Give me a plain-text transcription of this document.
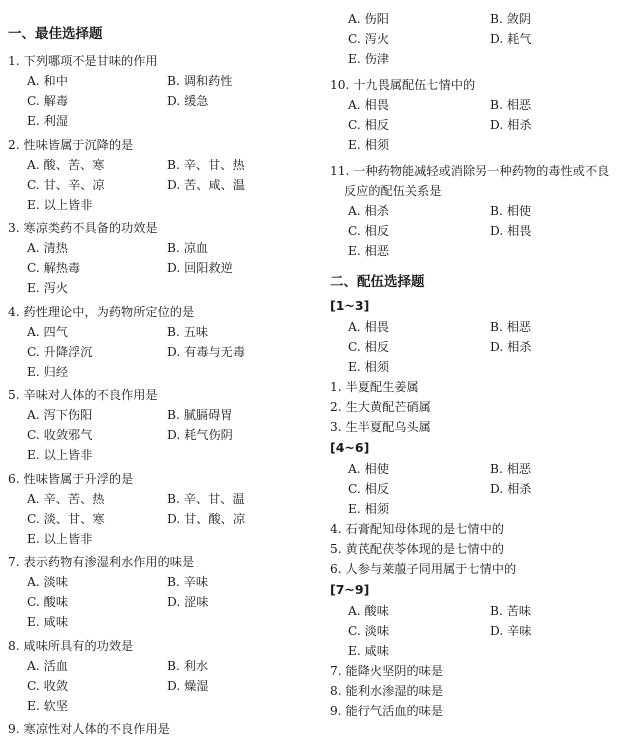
一、最佳选择题
1. 下列哪项不是甘味的作用
A. 和中	B. 调和药性
C. 解毒	D. 缓急
E. 利湿
2. 性味皆属于沉降的是
A. 酸、苦、寒	B. 辛、甘、热
C. 甘、辛、凉	D. 苦、咸、温
E. 以上皆非
3. 寒凉类药不具备的功效是
A. 清热	B. 凉血
C. 解热毒	D. 回阳救逆
E. 泻火
4. 药性理论中，为药物所定位的是
A. 四气	B. 五味
C. 升降浮沉	D. 有毒与无毒
E. 归经
5. 辛味对人体的不良作用是
A. 泻下伤阳	B. 腻膈碍胃
C. 收敛邪气	D. 耗气伤阴
E. 以上皆非
6. 性味皆属于升浮的是
A. 辛、苦、热	B. 辛、甘、温
C. 淡、甘、寒	D. 甘、酸、凉
E. 以上皆非
7. 表示药物有渗湿利水作用的味是
A. 淡味	B. 辛味
C. 酸味	D. 涩味
E. 咸味
8. 咸味所具有的功效是
A. 活血	B. 利水
C. 收敛	D. 燥湿
E. 软坚
9. 寒凉性对人体的不良作用是
A. 伤阳	B. 敛阴
C. 泻火	D. 耗气
E. 伤津
10. 十九畏属配伍七情中的
A. 相畏	B. 相恶
C. 相反	D. 相杀
E. 相须
11. 一种药物能减轻或消除另一种药物的毒性或不良
反应的配伍关系是
A. 相杀	B. 相使
C. 相反	D. 相畏
E. 相恶
二、配伍选择题
[1~3]
A. 相畏	B. 相恶
C. 相反	D. 相杀
E. 相须
1. 半夏配生姜属
2. 生大黄配芒硝属
3. 生半夏配乌头属
[4~6]
A. 相使	B. 相恶
C. 相反	D. 相杀
E. 相须
4. 石膏配知母体现的是七情中的
5. 黄芪配茯苓体现的是七情中的
6. 人参与莱菔子同用属于七情中的
[7~9]
A. 酸味	B. 苦味
C. 淡味	D. 辛味
E. 咸味
7. 能降火坚阴的味是
8. 能利水渗湿的味是
9. 能行气活血的味是
